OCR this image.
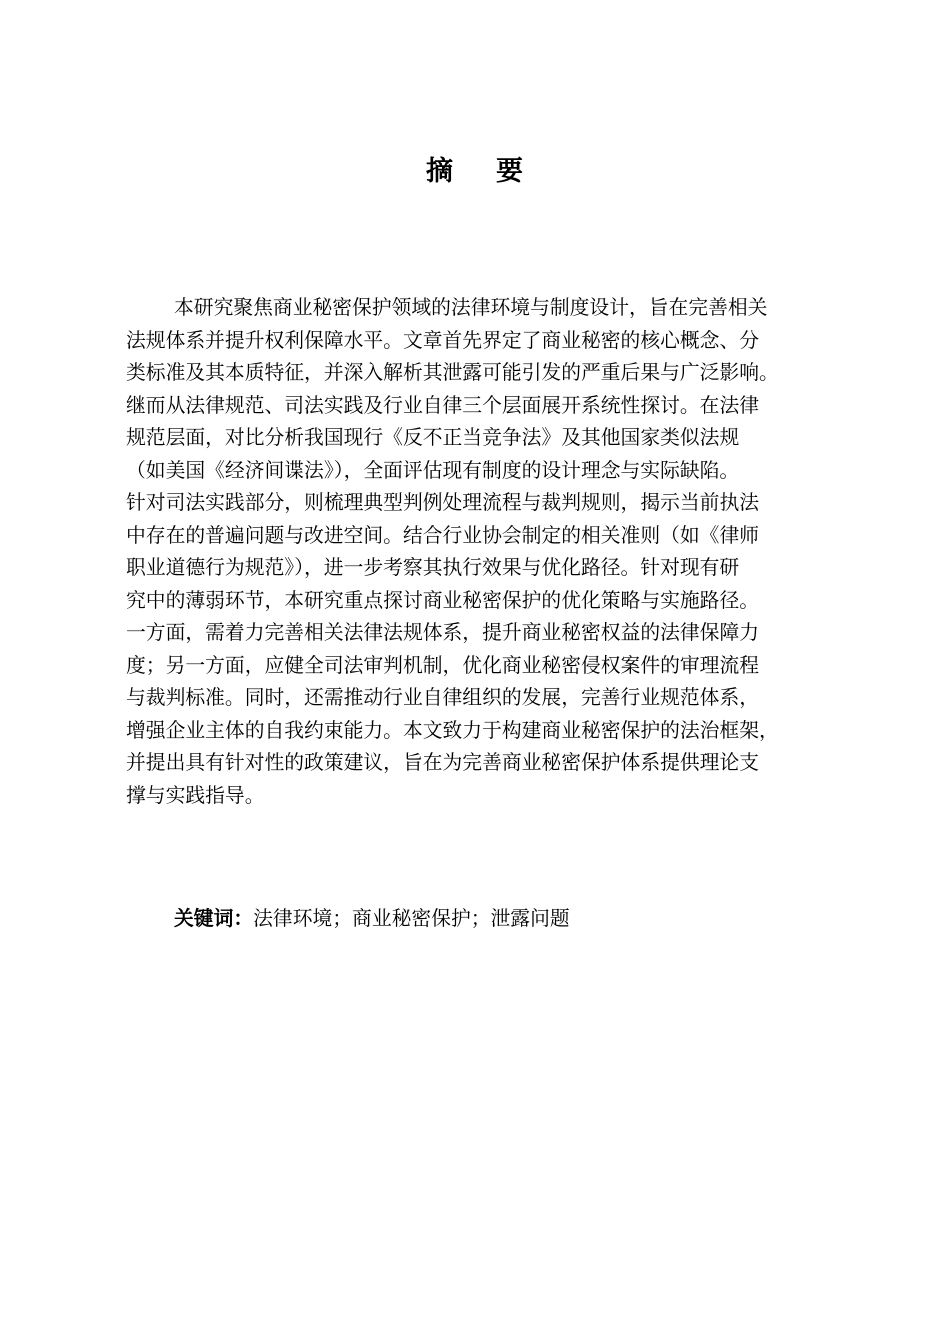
摘 要
本研究聚焦商业秘密保护领域的法律环境与制度设计，旨在完善相关
法规体系并提升权利保障水平。文章首先界定了商业秘密的核心概念、分
类标准及其本质特征，并深入解析其泄露可能引发的严重后果与广泛影响。
继而从法律规范、司法实践及行业自律三个层面展开系统性探讨。在法律
规范层面，对比分析我国现行《反不正当竞争法》及其他国家类似法规
（如美国《经济间谍法》），全面评估现有制度的设计理念与实际缺陷。
针对司法实践部分，则梳理典型判例处理流程与裁判规则，揭示当前执法
中存在的普遍问题与改进空间。结合行业协会制定的相关准则（如《律师
职业道德行为规范》），进一步考察其执行效果与优化路径。针对现有研
究中的薄弱环节，本研究重点探讨商业秘密保护的优化策略与实施路径。
一方面，需着力完善相关法律法规体系，提升商业秘密权益的法律保障力
度；另一方面，应健全司法审判机制，优化商业秘密侵权案件的审理流程
与裁判标准。同时，还需推动行业自律组织的发展，完善行业规范体系，
增强企业主体的自我约束能力。本文致力于构建商业秘密保护的法治框架，
并提出具有针对性的政策建议，旨在为完善商业秘密保护体系提供理论支
撑与实践指导。
关键词：法律环境；商业秘密保护；泄露问题
